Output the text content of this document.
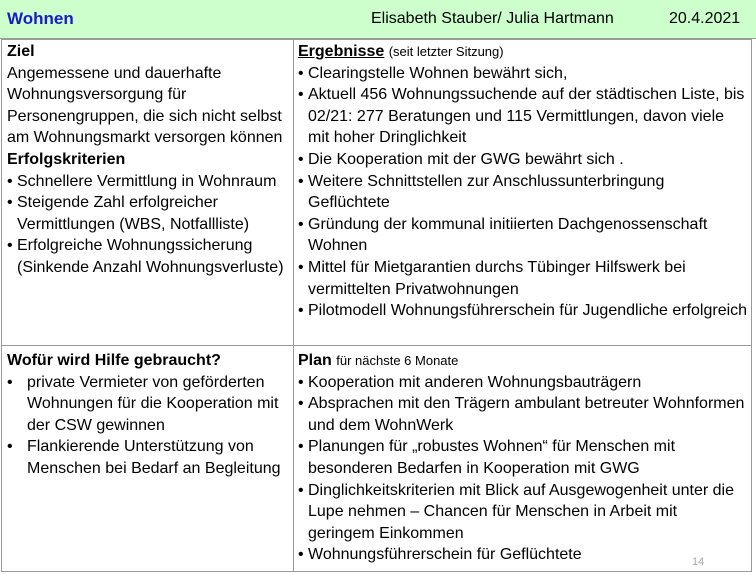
Wohnen	Elisabeth Stauber/ Julia Hartmann	20.4.2021
Ziel
Angemessene und dauerhafte Wohnungsversorgung für Personengruppen, die sich nicht selbst am Wohnungsmarkt versorgen können
Erfolgskriterien
• Schnellere Vermittlung in Wohnraum
• Steigende Zahl erfolgreicher Vermittlungen (WBS, Notfallliste)
• Erfolgreiche Wohnungssicherung (Sinkende Anzahl Wohnungsverluste)
Ergebnisse (seit letzter Sitzung)
• Clearingstelle Wohnen bewährt sich,
• Aktuell 456 Wohnungssuchende auf der städtischen Liste, bis 02/21: 277 Beratungen und 115 Vermittlungen, davon viele mit hoher Dringlichkeit
• Die Kooperation mit der GWG bewährt sich .
• Weitere Schnittstellen zur Anschlussunterbringung Geflüchtete
• Gründung der kommunal initiierten Dachgenossenschaft Wohnen
• Mittel für Mietgarantien durchs Tübinger Hilfswerk bei vermittelten Privatwohnungen
• Pilotmodell Wohnungsführerschein für Jugendliche erfolgreich
Wofür wird Hilfe gebraucht?
• private Vermieter von geförderten Wohnungen für die Kooperation mit der CSW gewinnen
• Flankierende Unterstützung von Menschen bei Bedarf an Begleitung
Plan für nächste 6 Monate
• Kooperation mit anderen Wohnungsbauträgern
• Absprachen mit den Trägern ambulant betreuter Wohnformen und dem WohnWerk
• Planungen für „robustes Wohnen“ für Menschen mit besonderen Bedarfen in Kooperation mit GWG
• Dinglichkeitskriterien mit Blick auf Ausgewogenheit unter die Lupe nehmen – Chancen für Menschen in Arbeit mit geringem Einkommen
• Wohnungsführerschein für Geflüchtete	14
